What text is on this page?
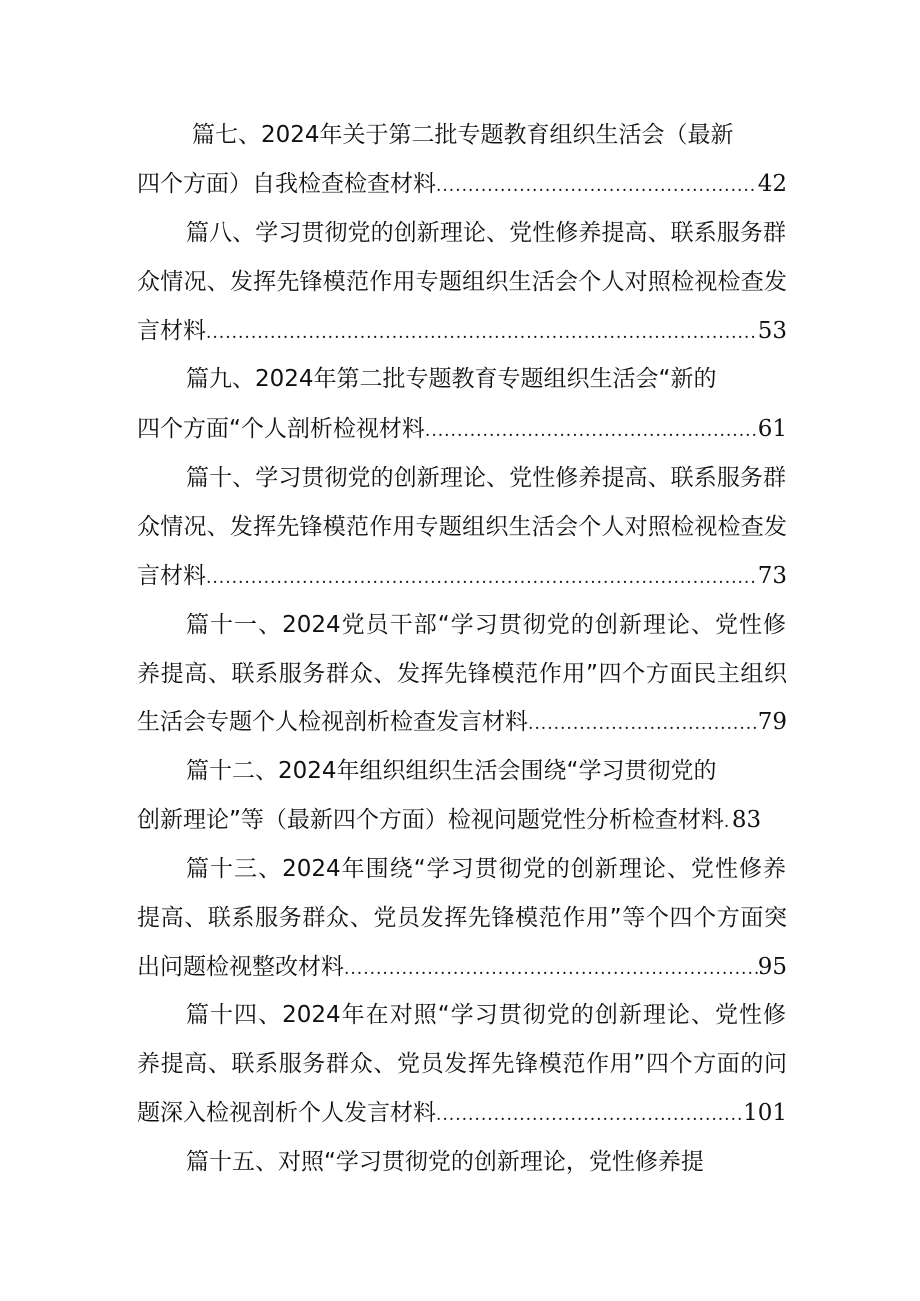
篇七、2024年关于第二批专题教育组织生活会（最新
四个方面）自我检查检查材料 .....	42
篇八、学习贯彻党的创新理论、党性修养提高、联系服务群
众情况、发挥先锋模范作用专题组织生活会个人对照检视检查发
言材料 .....	53
篇九、2024年第二批专题教育专题组织生活会“新的
四个方面“个人剖析检视材料 .....	61
篇十、学习贯彻党的创新理论、党性修养提高、联系服务群
众情况、发挥先锋模范作用专题组织生活会个人对照检视检查发
言材料 .....	73
篇十一、2024党员干部“学习贯彻党的创新理论、党性修
养提高、联系服务群众、发挥先锋模范作用”四个方面民主组织
生活会专题个人检视剖析检查发言材料 .....	79
篇十二、2024年组织组织生活会围绕“学习贯彻党的
创新理论”等（最新四个方面）检视问题党性分析检查材料 ..... 83
篇十三、2024年围绕“学习贯彻党的创新理论、党性修养
提高、联系服务群众、党员发挥先锋模范作用”等个四个方面突
出问题检视整改材料 .....	95
篇十四、2024年在对照“学习贯彻党的创新理论、党性修
养提高、联系服务群众、党员发挥先锋模范作用”四个方面的问
题深入检视剖析个人发言材料 .....	101
篇十五、对照“学习贯彻党的创新理论，党性修养提
